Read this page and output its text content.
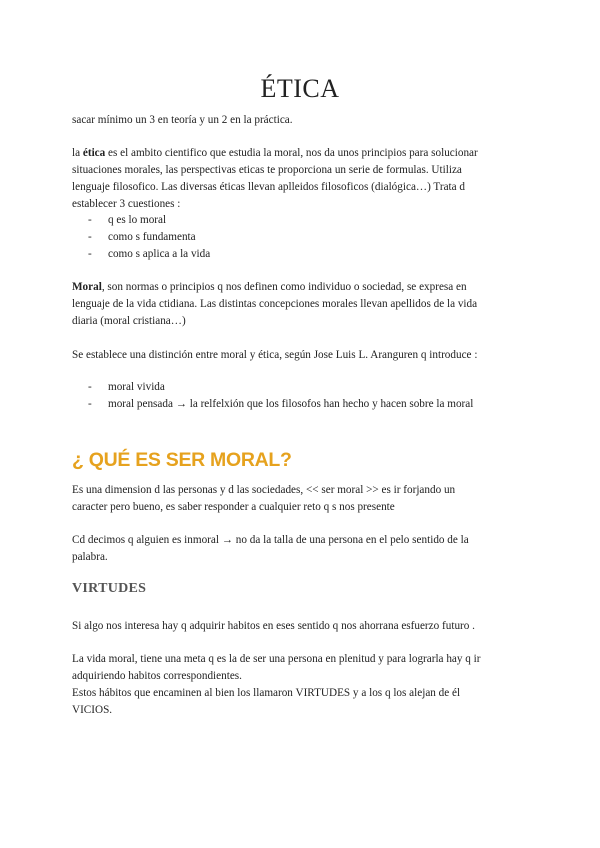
ÉTICA

sacar mínimo un 3 en teoría y un 2 en la práctica.

la ética es el ambito cientifico que estudia la moral, nos da unos principios para solucionar

situaciones morales, las perspectivas eticas te proporciona un serie de formulas. Utiliza

lenguaje filosofico. Las diversas éticas llevan aplleidos filosoficos (dialógica…) Trata d

establecer 3 cuestiones :

- q es lo moral

- como s fundamenta

- como s aplica a la vida

Moral, son normas o principios q nos definen como individuo o sociedad, se expresa en

lenguaje de la vida ctidiana. Las distintas concepciones morales llevan apellidos de la vida

diaria (moral cristiana…)

Se establece una distinción entre moral y ética, según Jose Luis L. Aranguren q introduce :

- moral vivida

- moral pensada → la relfelxión que los filosofos han hecho y hacen sobre la moral

¿ QUÉ ES SER MORAL?

Es una dimension d las personas y d las sociedades, << ser moral >> es ir forjando un

caracter pero bueno, es saber responder a cualquier reto q s nos presente

Cd decimos q alguien es inmoral → no da la talla de una persona en el pelo sentido de la

palabra.

VIRTUDES

Si algo nos interesa hay q adquirir habitos en eses sentido q nos ahorrana esfuerzo futuro .

La vida moral, tiene una meta q es la de ser una persona en plenitud y para lograrla hay q ir

adquiriendo habitos correspondientes.

Estos hábitos que encaminen al bien los llamaron VIRTUDES y a los q los alejan de él

VICIOS.
